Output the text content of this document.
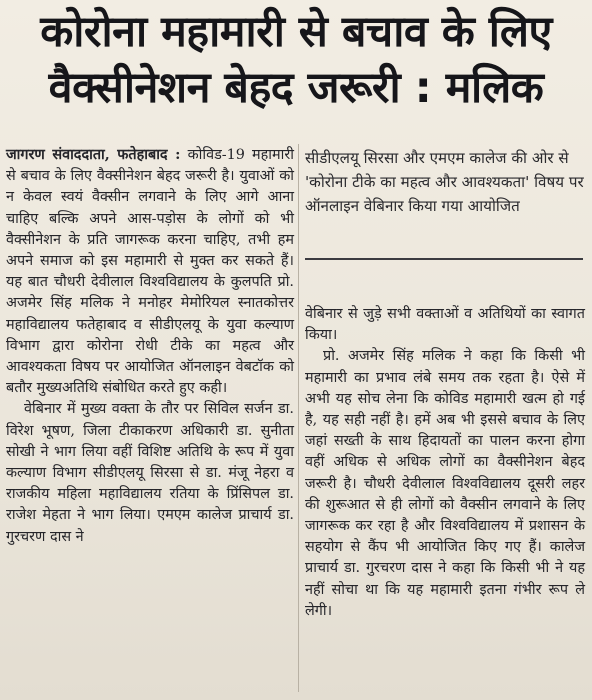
कोरोना महामारी से बचाव के लिए
वैक्सीनेशन बेहद जरूरी : मलिक

जागरण संवाददाता, फतेहाबाद : कोविड-19 महामारी से बचाव के लिए वैक्सीनेशन बेहद जरूरी है। युवाओं को न केवल स्वयं वैक्सीन लगवाने के लिए आगे आना चाहिए बल्कि अपने आस-पड़ोस के लोगों को भी वैक्सीनेशन के प्रति जागरूक करना चाहिए, तभी हम अपने समाज को इस महामारी से मुक्त कर सकते हैं। यह बात चौधरी देवीलाल विश्वविद्यालय के कुलपति प्रो. अजमेर सिंह मलिक ने मनोहर मेमोरियल स्नातकोत्तर महाविद्यालय फतेहाबाद व सीडीएलयू के युवा कल्याण विभाग द्वारा कोरोना रोधी टीके का महत्व और आवश्यकता विषय पर आयोजित ऑनलाइन वेबटॉक को बतौर मुख्यअतिथि संबोधित करते हुए कही।

वेबिनार में मुख्य वक्ता के तौर पर सिविल सर्जन डा. विरेश भूषण, जिला टीकाकरण अधिकारी डा. सुनीता सोखी ने भाग लिया वहीं विशिष्ट अतिथि के रूप में युवा कल्याण विभाग सीडीएलयू सिरसा से डा. मंजू नेहरा व राजकीय महिला महाविद्यालय रतिया के प्रिंसिपल डा. राजेश मेहता ने भाग लिया। एमएम कालेज प्राचार्य डा. गुरचरण दास ने

सीडीएलयू सिरसा और एमएम कालेज की ओर से 'कोरोना टीके का महत्व और आवश्यकता' विषय पर ऑनलाइन वेबिनार किया गया आयोजित

वेबिनार से जुड़े सभी वक्ताओं व अतिथियों का स्वागत किया।

प्रो. अजमेर सिंह मलिक ने कहा कि किसी भी महामारी का प्रभाव लंबे समय तक रहता है। ऐसे में अभी यह सोच लेना कि कोविड महामारी खत्म हो गई है, यह सही नहीं है। हमें अब भी इससे बचाव के लिए जहां सख्ती के साथ हिदायतों का पालन करना होगा वहीं अधिक से अधिक लोगों का वैक्सीनेशन बेहद जरूरी है। चौधरी देवीलाल विश्वविद्यालय दूसरी लहर की शुरूआत से ही लोगों को वैक्सीन लगवाने के लिए जागरूक कर रहा है और विश्वविद्यालय में प्रशासन के सहयोग से कैंप भी आयोजित किए गए हैं। कालेज प्राचार्य डा. गुरचरण दास ने कहा कि किसी भी ने यह नहीं सोचा था कि यह महामारी इतना गंभीर रूप ले लेगी।
